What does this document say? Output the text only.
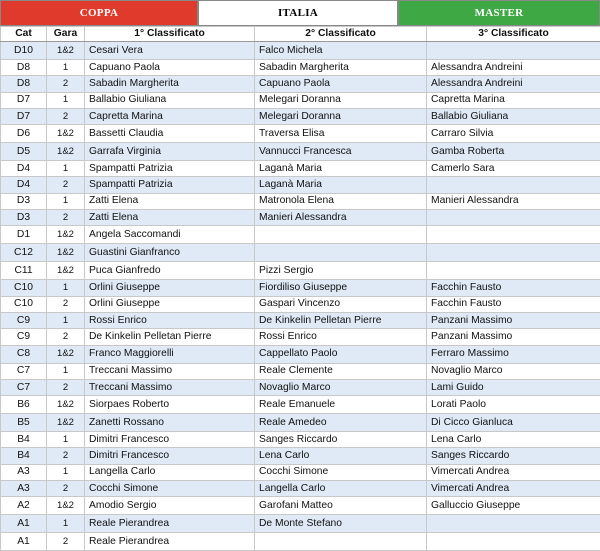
COPPA	ITALIA	MASTER
Cat	Gara	1° Classificato	2° Classificato	3° Classificato
D10	1&2	Cesari Vera	Falco Michela	
D8	1	Capuano Paola	Sabadin Margherita	Alessandra Andreini
D8	2	Sabadin Margherita	Capuano Paola	Alessandra Andreini
D7	1	Ballabio Giuliana	Melegari Doranna	Capretta Marina
D7	2	Capretta Marina	Melegari Doranna	Ballabio Giuliana
D6	1&2	Bassetti Claudia	Traversa Elisa	Carraro Silvia
D5	1&2	Garrafa Virginia	Vannucci Francesca	Gamba Roberta
D4	1	Spampatti Patrizia	Laganà Maria	Camerlo Sara
D4	2	Spampatti Patrizia	Laganà Maria	
D3	1	Zatti Elena	Matronola Elena	Manieri Alessandra
D3	2	Zatti Elena	Manieri Alessandra	
D1	1&2	Angela Saccomandi		
C12	1&2	Guastini Gianfranco		
C11	1&2	Puca Gianfredo	Pizzi Sergio	
C10	1	Orlini Giuseppe	Fiordiliso Giuseppe	Facchin Fausto
C10	2	Orlini Giuseppe	Gaspari Vincenzo	Facchin Fausto
C9	1	Rossi Enrico	De Kinkelin Pelletan Pierre	Panzani Massimo
C9	2	De Kinkelin Pelletan Pierre	Rossi Enrico	Panzani Massimo
C8	1&2	Franco Maggiorelli	Cappellato Paolo	Ferraro Massimo
C7	1	Treccani Massimo	Reale Clemente	Novaglio Marco
C7	2	Treccani Massimo	Novaglio Marco	Lami Guido
B6	1&2	Siorpaes Roberto	Reale Emanuele	Lorati Paolo
B5	1&2	Zanetti Rossano	Reale Amedeo	Di Cicco Gianluca
B4	1	Dimitri Francesco	Sanges Riccardo	Lena Carlo
B4	2	Dimitri Francesco	Lena Carlo	Sanges Riccardo
A3	1	Langella Carlo	Cocchi Simone	Vimercati Andrea
A3	2	Cocchi Simone	Langella Carlo	Vimercati Andrea
A2	1&2	Amodio Sergio	Garofani Matteo	Galluccio Giuseppe
A1	1	Reale Pierandrea	De Monte Stefano	
A1	2	Reale Pierandrea		
